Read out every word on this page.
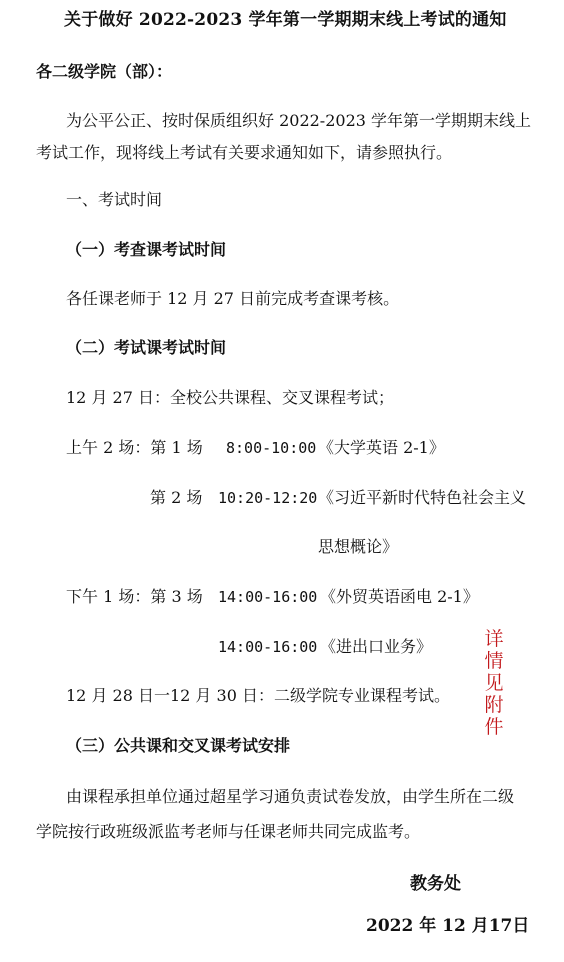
关于做好 2022-2023 学年第一学期期末线上考试的通知
各二级学院（部）：
为公平公正、按时保质组织好 2022-2023 学年第一学期期末线上
考试工作，现将线上考试有关要求通知如下，请参照执行。
一、考试时间
（一）考查课考试时间
各任课老师于 12 月 27 日前完成考查课考核。
（二）考试课考试时间
12 月 27 日：全校公共课程、交叉课程考试；
上午 2 场：第 1 场 8:00-10:00 《大学英语 2-1》
第 2 场 10:20-12:20 《习近平新时代特色社会主义
思想概论》
下午 1 场：第 3 场 14:00-16:00 《外贸英语函电 2-1》
14:00-16:00 《进出口业务》	详情见附件
12 月 28 日一12 月 30 日：二级学院专业课程考试。
（三）公共课和交叉课考试安排
由课程承担单位通过超星学习通负责试卷发放，由学生所在二级
学院按行政班级派监考老师与任课老师共同完成监考。
教务处
2022 年 12 月17日
